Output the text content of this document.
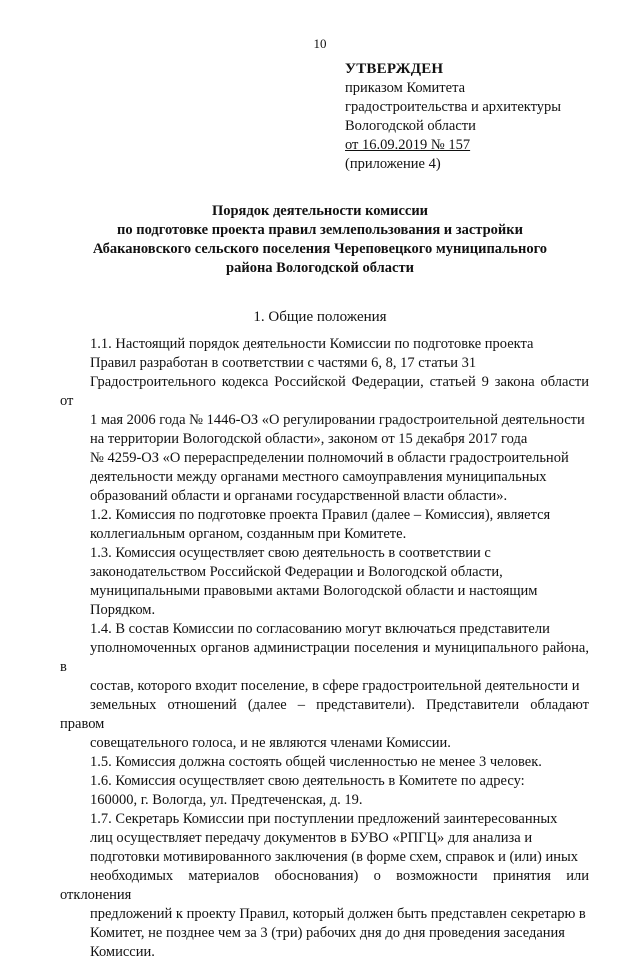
10
УТВЕРЖДЕН
приказом Комитета
градостроительства и архитектуры
Вологодской области
от 16.09.2019 № 157
(приложение 4)
Порядок деятельности комиссии
по подготовке проекта правил землепользования и застройки
Абакановского сельского поселения Череповецкого муниципального
района Вологодской области
1. Общие положения
1.1. Настоящий порядок деятельности Комиссии по подготовке проекта
Правил разработан в соответствии с частями 6, 8, 17 статьи 31
Градостроительного кодекса Российской Федерации, статьей 9 закона области от
1 мая 2006 года № 1446-ОЗ «О регулировании градостроительной деятельности
на территории Вологодской области», законом от 15 декабря 2017 года
№ 4259-ОЗ «О перераспределении полномочий в области градостроительной
деятельности между органами местного самоуправления муниципальных
образований области и органами государственной власти области».
1.2. Комиссия по подготовке проекта Правил (далее – Комиссия), является
коллегиальным органом, созданным при Комитете.
1.3. Комиссия осуществляет свою деятельность в соответствии с
законодательством Российской Федерации и Вологодской области,
муниципальными правовыми актами Вологодской области и настоящим
Порядком.
1.4. В состав Комиссии по согласованию могут включаться представители
уполномоченных органов администрации поселения и муниципального района, в
состав, которого входит поселение, в сфере градостроительной деятельности и
земельных отношений (далее – представители). Представители обладают правом
совещательного голоса, и не являются членами Комиссии.
1.5. Комиссия должна состоять общей численностью не менее 3 человек.
1.6. Комиссия осуществляет свою деятельность в Комитете по адресу:
160000, г. Вологда, ул. Предтеченская, д. 19.
1.7. Секретарь Комиссии при поступлении предложений заинтересованных
лиц осуществляет передачу документов в БУВО «РПГЦ» для анализа и
подготовки мотивированного заключения (в форме схем, справок и (или) иных
необходимых материалов обоснования) о возможности принятия или отклонения
предложений к проекту Правил, который должен быть представлен секретарю в
Комитет, не позднее чем за 3 (три) рабочих дня до дня проведения заседания
Комиссии.
